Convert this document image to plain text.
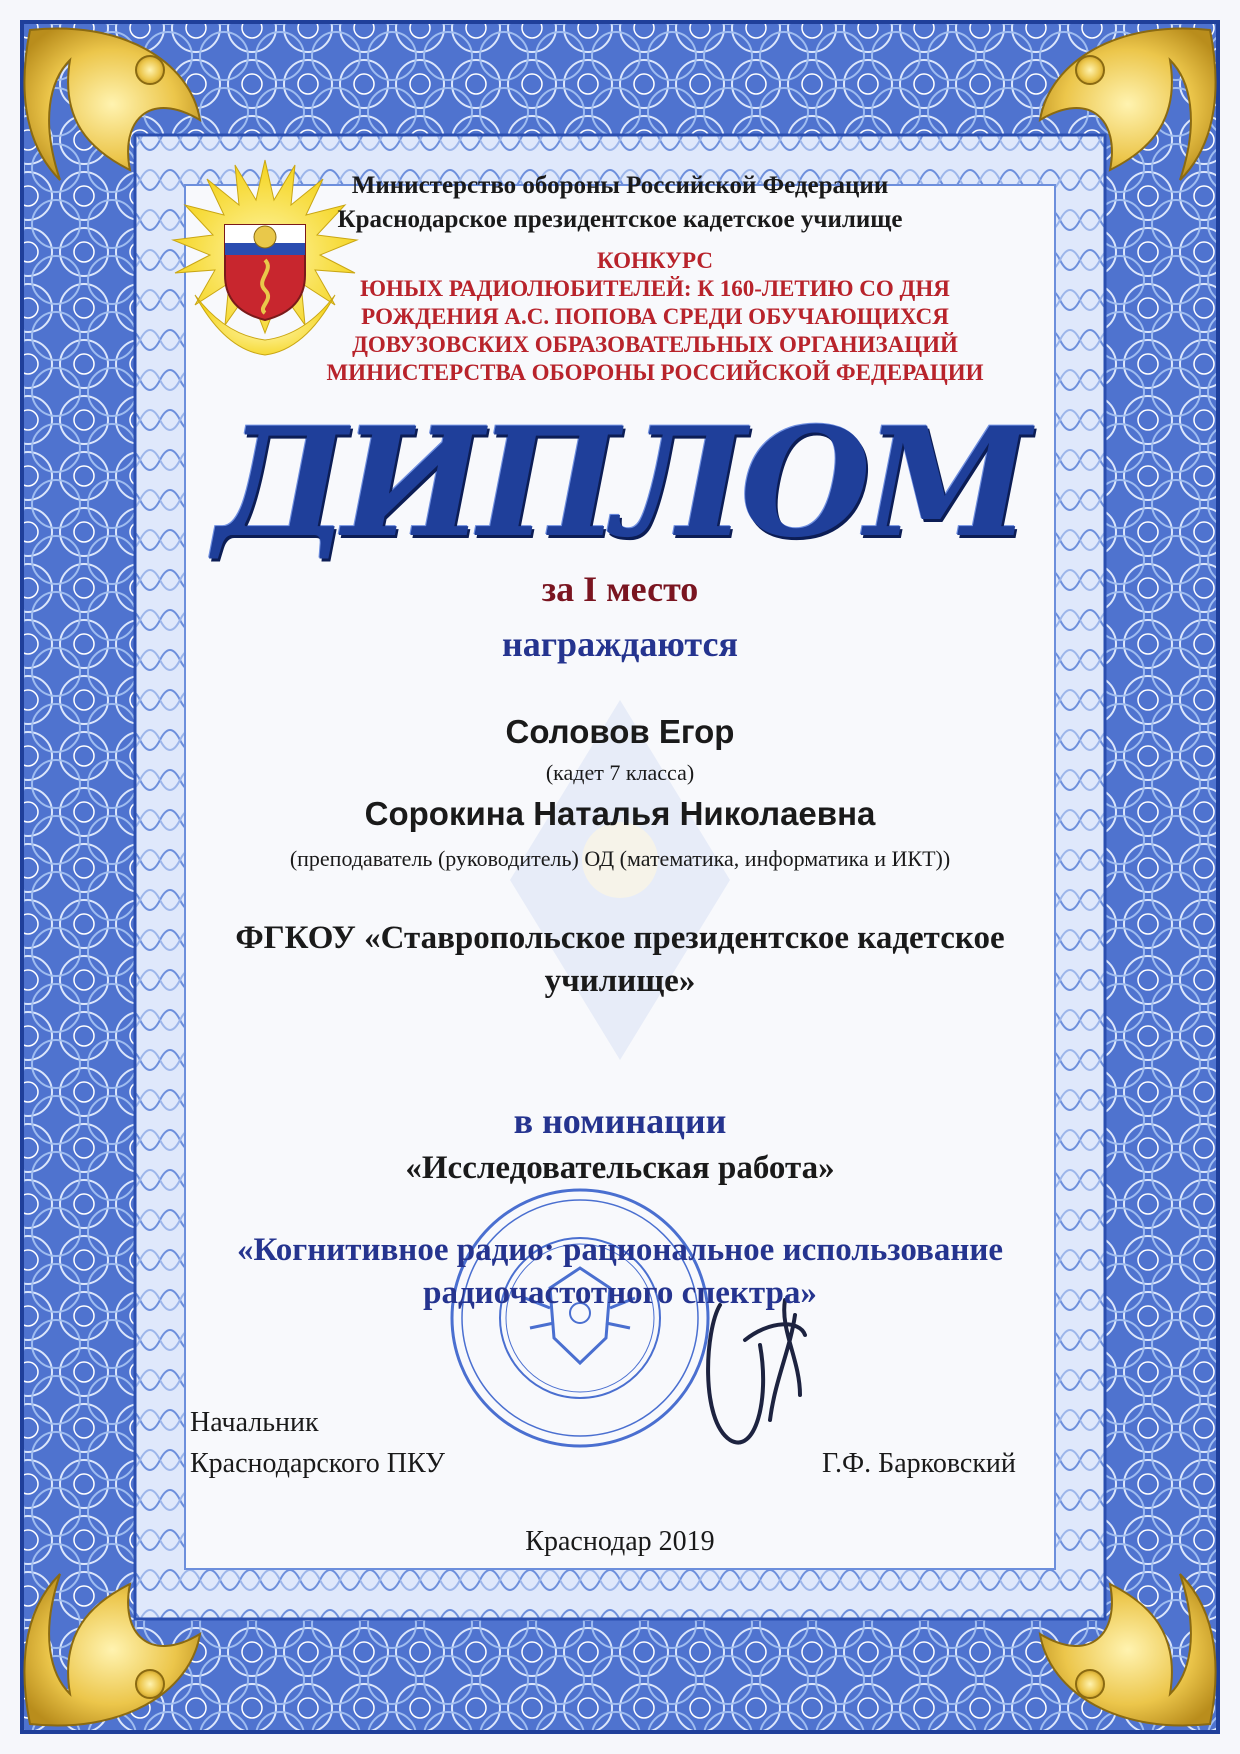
Министерство обороны Российской Федерации
Краснодарское президентское кадетское училище
КОНКУРС
ЮНЫХ РАДИОЛЮБИТЕЛЕЙ: К 160-ЛЕТИЮ СО ДНЯ
РОЖДЕНИЯ А.С. ПОПОВА СРЕДИ ОБУЧАЮЩИХСЯ
ДОВУЗОВСКИХ ОБРАЗОВАТЕЛЬНЫХ ОРГАНИЗАЦИЙ
МИНИСТЕРСТВА ОБОРОНЫ РОССИЙСКОЙ ФЕДЕРАЦИИ
ДИПЛОМ
за I место
награждаются
Соловов Егор
(кадет 7 класса)
Сорокина Наталья Николаевна
(преподаватель (руководитель) ОД (математика, информатика и ИКТ))
ФГКОУ «Ставропольское президентское кадетское
училище»
в номинации
«Исследовательская работа»
«Когнитивное радио: рациональное использование
радиочастотного спектра»
Начальник
Краснодарского ПКУ	Г.Ф. Барковский
Краснодар 2019
